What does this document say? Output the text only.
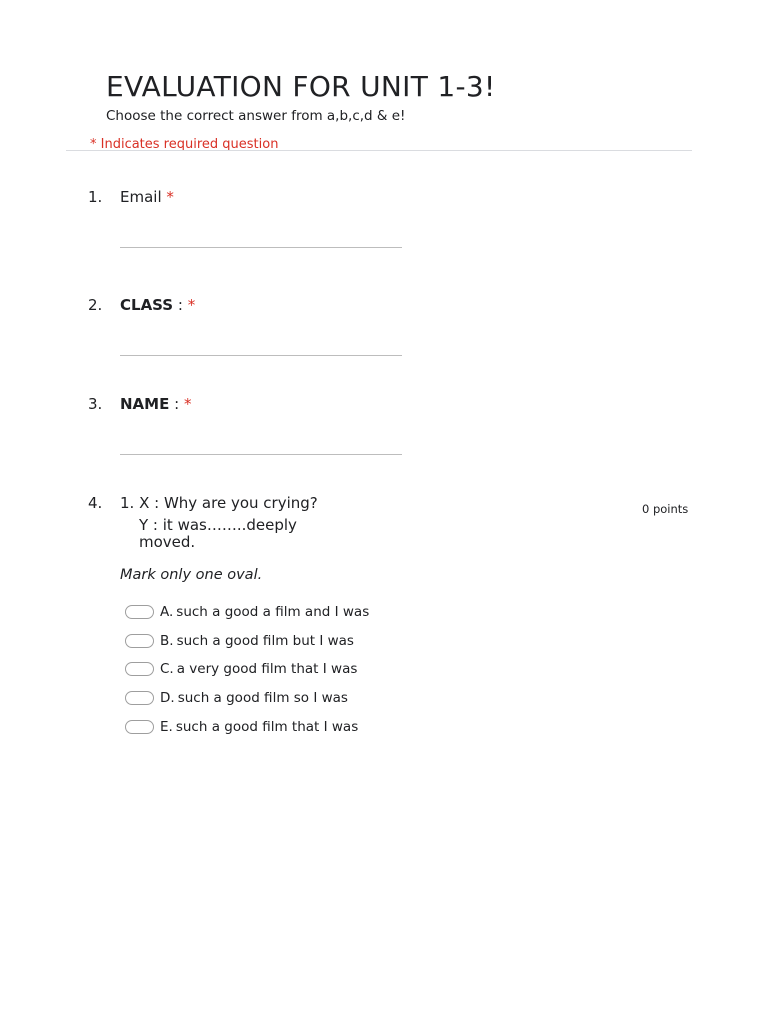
EVALUATION FOR UNIT 1-3!

Choose the correct answer from a,b,c,d & e!

* Indicates required question
1. Email *
2. CLASS : *
3. NAME : *
4. 1. X : Why are you crying?
Y : it was……..deeply
moved.
0 points
Mark only one oval.
A. such a good a film and I was
B. such a good film but I was
C. a very good film that I was
D. such a good film so I was
E. such a good film that I was
